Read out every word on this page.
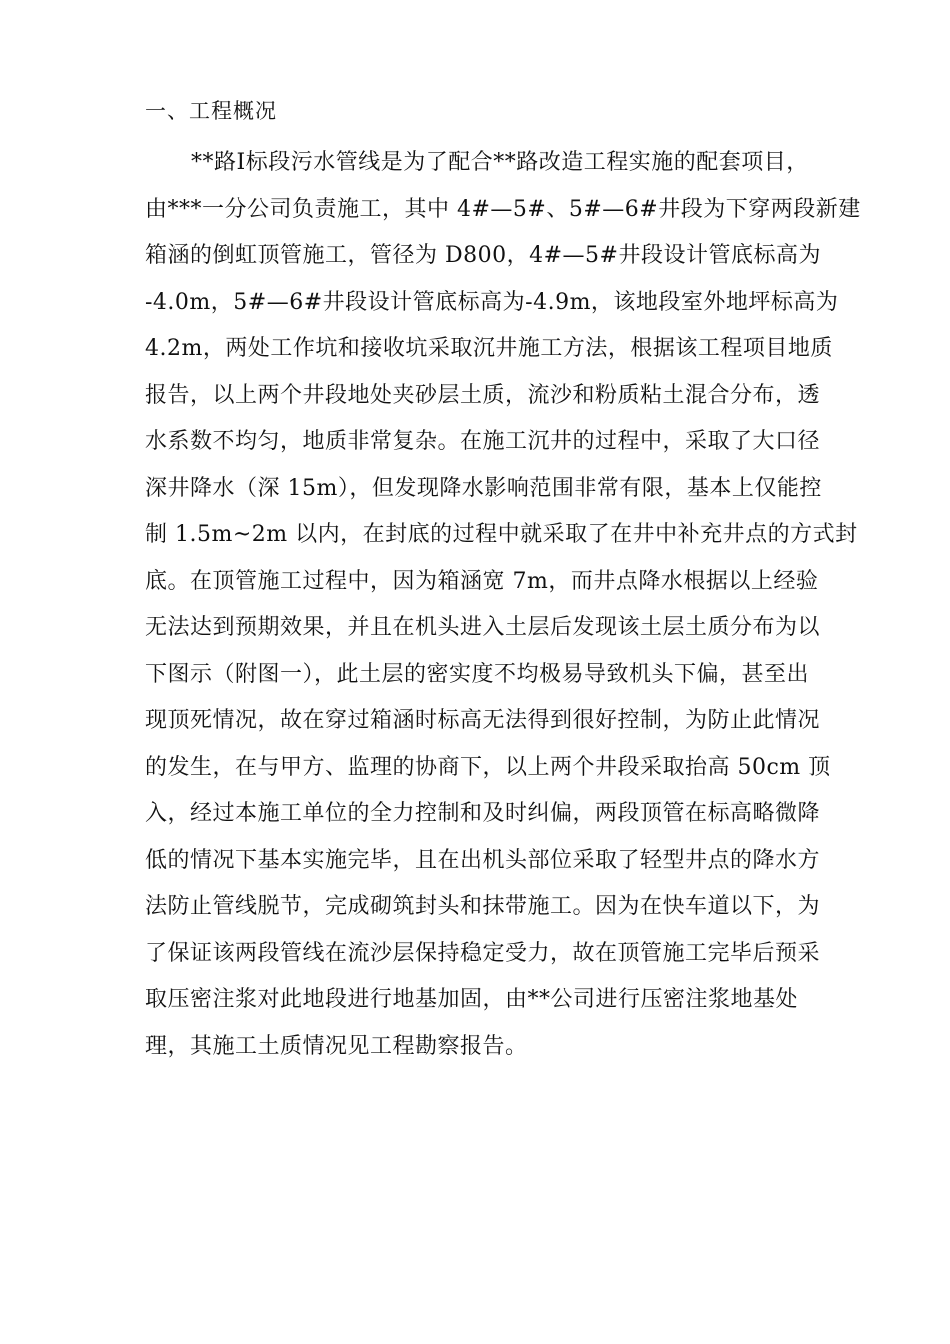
一、工程概况
**路Ⅰ标段污水管线是为了配合**路改造工程实施的配套项目，
由***一分公司负责施工，其中 4#—5#、5#—6#井段为下穿两段新建
箱涵的倒虹顶管施工，管径为 D800，4#—5#井段设计管底标高为
-4.0m，5#—6#井段设计管底标高为-4.9m，该地段室外地坪标高为
4.2m，两处工作坑和接收坑采取沉井施工方法，根据该工程项目地质
报告，以上两个井段地处夹砂层土质，流沙和粉质粘土混合分布，透
水系数不均匀，地质非常复杂。在施工沉井的过程中，采取了大口径
深井降水（深 15m），但发现降水影响范围非常有限，基本上仅能控
制 1.5m~2m 以内，在封底的过程中就采取了在井中补充井点的方式封
底。在顶管施工过程中，因为箱涵宽 7m，而井点降水根据以上经验
无法达到预期效果，并且在机头进入土层后发现该土层土质分布为以
下图示（附图一），此土层的密实度不均极易导致机头下偏，甚至出
现顶死情况，故在穿过箱涵时标高无法得到很好控制，为防止此情况
的发生，在与甲方、监理的协商下，以上两个井段采取抬高 50cm 顶
入，经过本施工单位的全力控制和及时纠偏，两段顶管在标高略微降
低的情况下基本实施完毕，且在出机头部位采取了轻型井点的降水方
法防止管线脱节，完成砌筑封头和抹带施工。因为在快车道以下，为
了保证该两段管线在流沙层保持稳定受力，故在顶管施工完毕后预采
取压密注浆对此地段进行地基加固，由**公司进行压密注浆地基处
理，其施工土质情况见工程勘察报告。
